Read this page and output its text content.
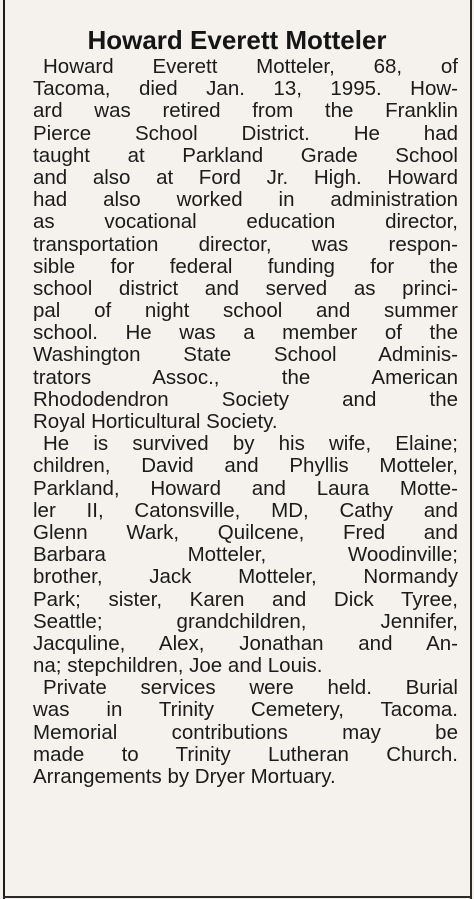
Howard Everett Motteler
Howard Everett Motteler, 68, of
Tacoma, died Jan. 13, 1995. How-
ard was retired from the Franklin
Pierce School District. He had
taught at Parkland Grade School
and also at Ford Jr. High. Howard
had also worked in administration
as vocational education director,
transportation director, was respon-
sible for federal funding for the
school district and served as princi-
pal of night school and summer
school. He was a member of the
Washington State School Adminis-
trators Assoc., the American
Rhododendron Society and the
Royal Horticultural Society.
He is survived by his wife, Elaine;
children, David and Phyllis Motteler,
Parkland, Howard and Laura Motte-
ler II, Catonsville, MD, Cathy and
Glenn Wark, Quilcene, Fred and
Barbara Motteler, Woodinville;
brother, Jack Motteler, Normandy
Park; sister, Karen and Dick Tyree,
Seattle; grandchildren, Jennifer,
Jacquline, Alex, Jonathan and An-
na; stepchildren, Joe and Louis.
Private services were held. Burial
was in Trinity Cemetery, Tacoma.
Memorial contributions may be
made to Trinity Lutheran Church.
Arrangements by Dryer Mortuary.
